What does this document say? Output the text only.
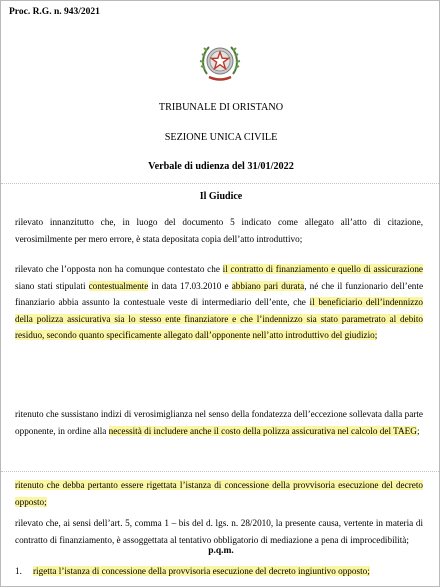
Proc. R.G. n. 943/2021
TRIBUNALE DI ORISTANO
SEZIONE UNICA CIVILE
Verbale di udienza del 31/01/2022
Il Giudice
rilevato innanzitutto che, in luogo del documento 5 indicato come allegato all’atto di citazione, verosimilmente per mero errore, è stata depositata copia dell’atto introduttivo;
rilevato che l’opposta non ha comunque contestato che il contratto di finanziamento e quello di assicurazione siano stati stipulati contestualmente in data 17.03.2010 e abbiano pari durata, né che il funzionario dell’ente finanziario abbia assunto la contestuale veste di intermediario dell’ente, che il beneficiario dell’indennizzo della polizza assicurativa sia lo stesso ente finanziatore e che l’indennizzo sia stato parametrato al debito residuo, secondo quanto specificamente allegato dall’opponente nell’atto introduttivo del giudizio;
ritenuto che sussistano indizi di verosimiglianza nel senso della fondatezza dell’eccezione sollevata dalla parte opponente, in ordine alla necessità di includere anche il costo della polizza assicurativa nel calcolo del TAEG;
ritenuto che debba pertanto essere rigettata l’istanza di concessione della provvisoria esecuzione del decreto opposto;
rilevato che, ai sensi dell’art. 5, comma 1 – bis del d. lgs. n. 28/2010, la presente causa, vertente in materia di contratto di finanziamento, è assoggettata al tentativo obbligatorio di mediazione a pena di improcedibilità;
p.q.m.
1. rigetta l’istanza di concessione della provvisoria esecuzione del decreto ingiuntivo opposto;
